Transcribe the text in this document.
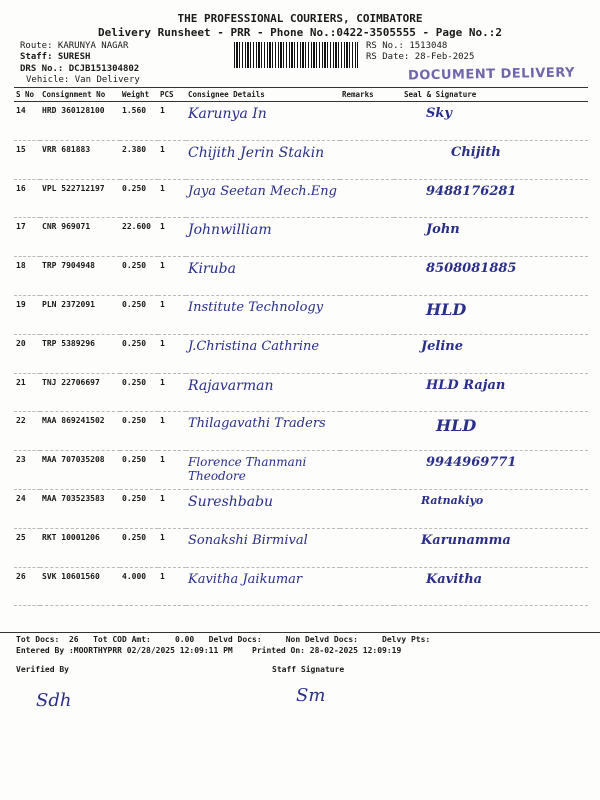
THE PROFESSIONAL COURIERS, COIMBATORE
Delivery Runsheet - PRR - Phone No.:0422-3505555 - Page No.:2
Route: KARUNYA NAGAR
Staff: SURESH
DRS No.: DCJB151304802
Vehicle: Van Delivery
RS No.: 1513048
RS Date: 28-Feb-2025
DOCUMENT DELIVERY
S No	Consignment No	Weight	PCS	Consignee Details	Remarks	Seal & Signature
14	HRD 360128100	1.560	1	Karunya In		Sky
15	VRR 681883	2.380	1	Chijith Jerin Stakin		Chijith
16	VPL 522712197	0.250	1	Jaya Seetan Mech.Eng		9488176281
17	CNR 969071	22.600	1	Johnwilliam		John
18	TRP 7904948	0.250	1	Kiruba		8508081885
19	PLN 2372091	0.250	1	Institute Technology		HLD
20	TRP 5389296	0.250	1	J.Christina Cathrine		Jeline
21	TNJ 22706697	0.250	1	Rajavarman		HLD Rajan
22	MAA 869241502	0.250	1	Thilagavathi Traders		HLD
23	MAA 707035208	0.250	1	Florence Thanmani Theodore		9944969771
24	MAA 703523583	0.250	1	Sureshbabu		Ratnakiyo
25	RKT 10001206	0.250	1	Sonakshi Birmival		Karunamma
26	SVK 10601560	4.000	1	Kavitha Jaikumar		Kavitha
Tot Docs:  26   Tot COD Amt:     0.00   Delvd Docs:     Non Delvd Docs:     Delvy Pts:
Entered By :MOORTHYPRR 02/28/2025 12:09:11 PM    Printed On: 28-02-2025 12:09:19
Verified By	Staff Signature
Sdh	Sm
